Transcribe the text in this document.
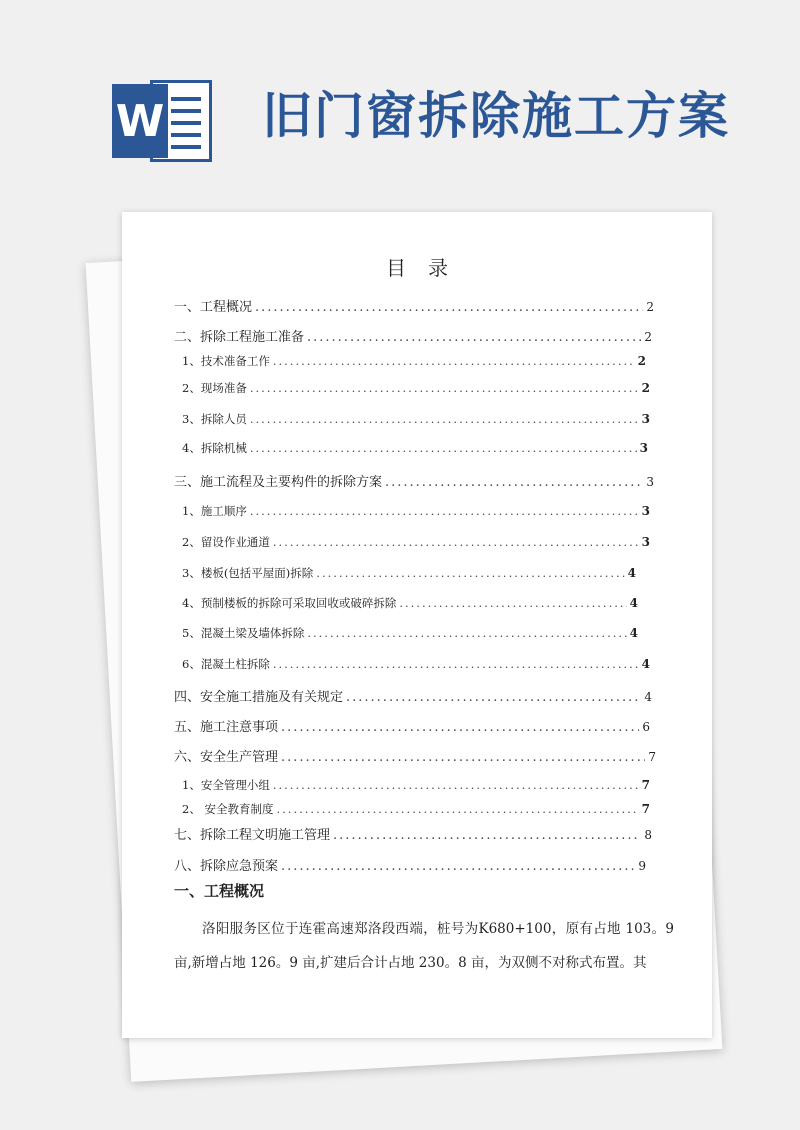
W 旧门窗拆除施工方案
目录
一、工程概况 .....	2
二、拆除工程施工准备 .....	2
1、技术准备工作 .....	2
2、现场准备 .....	2
3、拆除人员 .....	3
4、拆除机械 .....	3
三、施工流程及主要构件的拆除方案 .....	3
1、施工顺序 .....	3
2、留设作业通道 .....	3
3、楼板(包括平屋面)拆除 .....	4
4、预制楼板的拆除可采取回收或破碎拆除 .....	4
5、混凝土梁及墙体拆除 .....	4
6、混凝土柱拆除 .....	4
四、安全施工措施及有关规定 .....	4
五、施工注意事项 .....	6
六、安全生产管理 .....	7
1、安全管理小组 .....	7
2、 安全教育制度 .....	7
七、拆除工程文明施工管理 .....	8
八、拆除应急预案 .....	9
一、工程概况
洛阳服务区位于连霍高速郑洛段西端，桩号为K680+100，原有占地 103。9亩,新增占地 126。9 亩,扩建后合计占地 230。8 亩，为双侧不对称式布置。其
